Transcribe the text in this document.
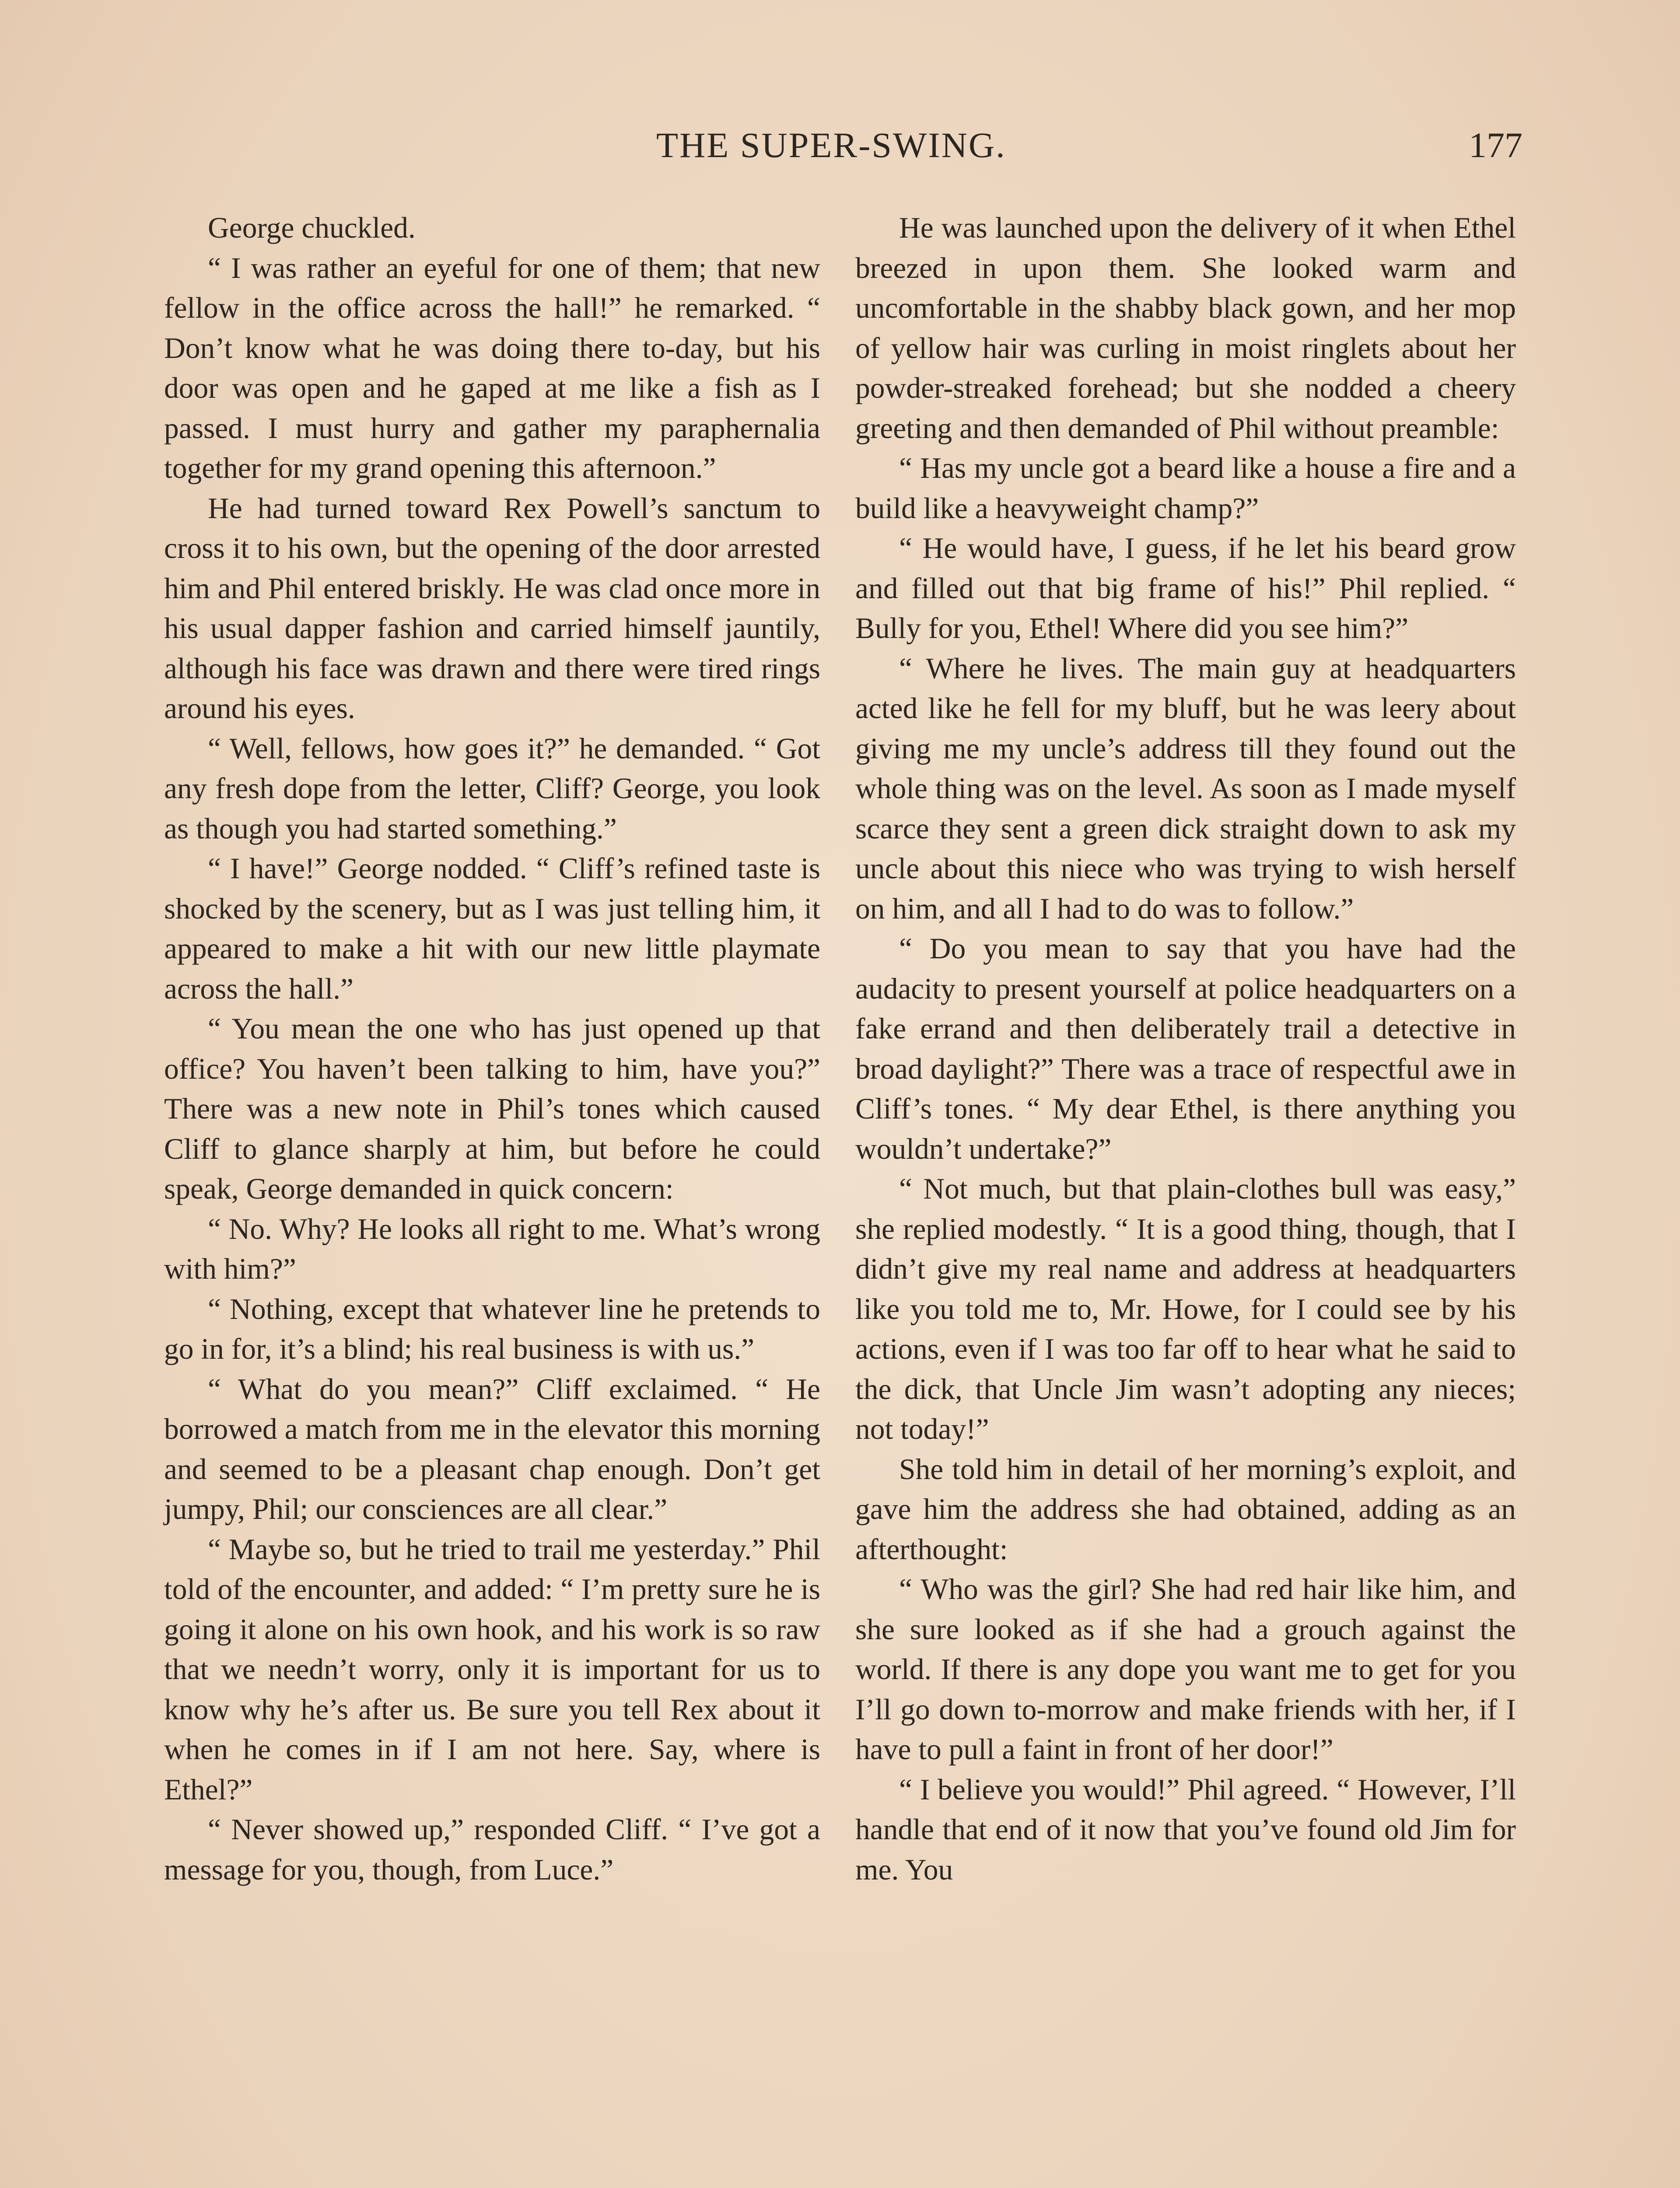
THE SUPER-SWING.	177

George chuckled.

“ I was rather an eyeful for one of them; that new fellow in the office across the hall!” he remarked. “ Don’t know what he was doing there to-day, but his door was open and he gaped at me like a fish as I passed. I must hurry and gather my paraphernalia together for my grand opening this afternoon.”

He had turned toward Rex Powell’s sanctum to cross it to his own, but the opening of the door arrested him and Phil entered briskly. He was clad once more in his usual dapper fashion and carried himself jauntily, although his face was drawn and there were tired rings around his eyes.

“ Well, fellows, how goes it?” he demanded. “ Got any fresh dope from the letter, Cliff? George, you look as though you had started something.”

“ I have!” George nodded. “ Cliff’s refined taste is shocked by the scenery, but as I was just telling him, it appeared to make a hit with our new little playmate across the hall.”

“ You mean the one who has just opened up that office? You haven’t been talking to him, have you?” There was a new note in Phil’s tones which caused Cliff to glance sharply at him, but before he could speak, George demanded in quick concern:

“ No. Why? He looks all right to me. What’s wrong with him?”

“ Nothing, except that whatever line he pretends to go in for, it’s a blind; his real business is with us.”

“ What do you mean?” Cliff exclaimed. “ He borrowed a match from me in the elevator this morning and seemed to be a pleasant chap enough. Don’t get jumpy, Phil; our consciences are all clear.”

“ Maybe so, but he tried to trail me yesterday.” Phil told of the encounter, and added: “ I’m pretty sure he is going it alone on his own hook, and his work is so raw that we needn’t worry, only it is important for us to know why he’s after us. Be sure you tell Rex about it when he comes in if I am not here. Say, where is Ethel?”

“ Never showed up,” responded Cliff. “ I’ve got a message for you, though, from Luce.”

He was launched upon the delivery of it when Ethel breezed in upon them. She looked warm and uncomfortable in the shabby black gown, and her mop of yellow hair was curling in moist ringlets about her powder-streaked forehead; but she nodded a cheery greeting and then demanded of Phil without preamble:

“ Has my uncle got a beard like a house a fire and a build like a heavyweight champ?”

“ He would have, I guess, if he let his beard grow and filled out that big frame of his!” Phil replied. “ Bully for you, Ethel! Where did you see him?”

“ Where he lives. The main guy at headquarters acted like he fell for my bluff, but he was leery about giving me my uncle’s address till they found out the whole thing was on the level. As soon as I made myself scarce they sent a green dick straight down to ask my uncle about this niece who was trying to wish herself on him, and all I had to do was to follow.”

“ Do you mean to say that you have had the audacity to present yourself at police headquarters on a fake errand and then deliberately trail a detective in broad daylight?” There was a trace of respectful awe in Cliff’s tones. “ My dear Ethel, is there anything you wouldn’t undertake?”

“ Not much, but that plain-clothes bull was easy,” she replied modestly. “ It is a good thing, though, that I didn’t give my real name and address at headquarters like you told me to, Mr. Howe, for I could see by his actions, even if I was too far off to hear what he said to the dick, that Uncle Jim wasn’t adopting any nieces; not today!”

She told him in detail of her morning’s exploit, and gave him the address she had obtained, adding as an afterthought:

“ Who was the girl? She had red hair like him, and she sure looked as if she had a grouch against the world. If there is any dope you want me to get for you I’ll go down to-morrow and make friends with her, if I have to pull a faint in front of her door!”

“ I believe you would!” Phil agreed. “ However, I’ll handle that end of it now that you’ve found old Jim for me. You
